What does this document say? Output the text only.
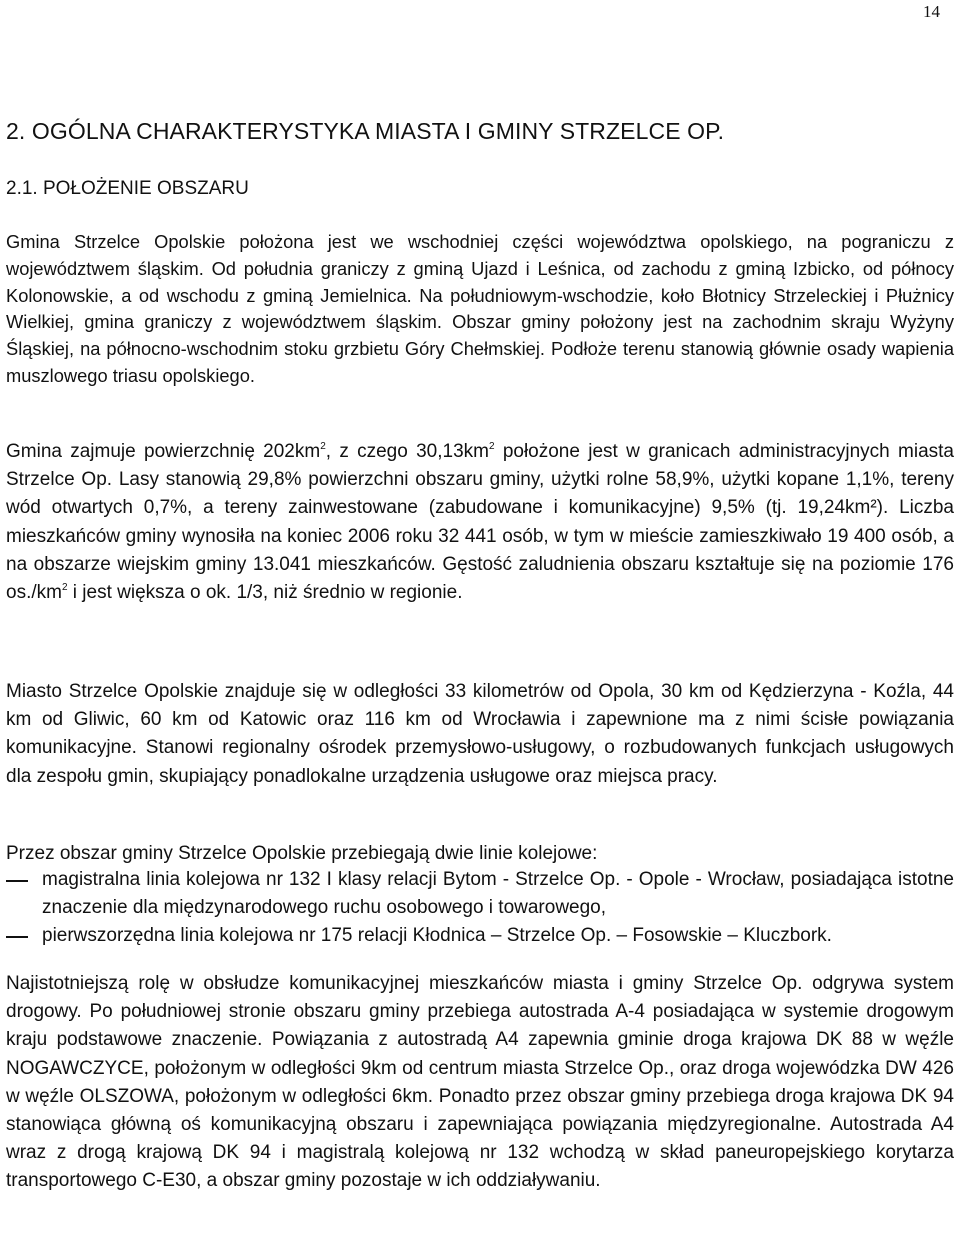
14
2. OGÓLNA CHARAKTERYSTYKA MIASTA I GMINY STRZELCE OP.
2.1. POŁOŻENIE OBSZARU

Gmina Strzelce Opolskie położona jest we wschodniej części województwa opolskiego, na pograniczu z województwem śląskim. Od południa graniczy z gminą Ujazd i Leśnica, od zachodu z gminą Izbicko, od północy Kolonowskie, a od wschodu z gminą Jemielnica. Na południowym-wschodzie, koło Błotnicy Strzeleckiej i Płużnicy Wielkiej, gmina graniczy z województwem śląskim. Obszar gminy położony jest na zachodnim skraju Wyżyny Śląskiej, na północno-wschodnim stoku grzbietu Góry Chełmskiej. Podłoże terenu stanowią głównie osady wapienia muszlowego triasu opolskiego.

Gmina zajmuje powierzchnię $202km^2$, z czego $30,13km^2$ położone jest w granicach administracyjnych miasta Strzelce Op. Lasy stanowią 29,8% powierzchni obszaru gminy, użytki rolne 58,9%, użytki kopane 1,1%, tereny wód otwartych 0,7%, a tereny zainwestowane (zabudowane i komunikacyjne) 9,5% (tj. 19,24km²). Liczba mieszkańców gminy wynosiła na koniec 2006 roku 32 441 osób, w tym w mieście zamieszkiwało 19 400 osób, a na obszarze wiejskim gminy 13.041 mieszkańców. Gęstość zaludnienia obszaru kształtuje się na poziomie 176 $os./km^2$ i jest większa o ok. 1/3, niż średnio w regionie.

Miasto Strzelce Opolskie znajduje się w odległości 33 kilometrów od Opola, 30 km od Kędzierzyna - Koźla, 44 km od Gliwic, 60 km od Katowic oraz 116 km od Wrocławia i zapewnione ma z nimi ścisłe powiązania komunikacyjne. Stanowi regionalny ośrodek przemysłowo-usługowy, o rozbudowanych funkcjach usługowych dla zespołu gmin, skupiający ponadlokalne urządzenia usługowe oraz miejsca pracy.

Przez obszar gminy Strzelce Opolskie przebiegają dwie linie kolejowe:

magistralna linia kolejowa nr 132 I klasy relacji Bytom - Strzelce Op. - Opole - Wrocław, posiadająca istotne znaczenie dla międzynarodowego ruchu osobowego i towarowego,
pierwszorzędna linia kolejowa nr 175 relacji Kłodnica – Strzelce Op. – Fosowskie – Kluczbork.

Najistotniejszą rolę w obsłudze komunikacyjnej mieszkańców miasta i gminy Strzelce Op. odgrywa system drogowy. Po południowej stronie obszaru gminy przebiega autostrada A-4 posiadająca w systemie drogowym kraju podstawowe znaczenie. Powiązania z autostradą A4 zapewnia gminie droga krajowa DK 88 w węźle NOGAWCZYCE, położonym w odległości 9km od centrum miasta Strzelce Op., oraz droga wojewódzka DW 426 w węźle OLSZOWA, położonym w odległości 6km. Ponadto przez obszar gminy przebiega droga krajowa DK 94 stanowiąca główną oś komunikacyjną obszaru i zapewniająca powiązania międzyregionalne. Autostrada A4 wraz z drogą krajową DK 94 i magistralą kolejową nr 132 wchodzą w skład paneuropejskiego korytarza transportowego C-E30, a obszar gminy pozostaje w ich oddziaływaniu.
